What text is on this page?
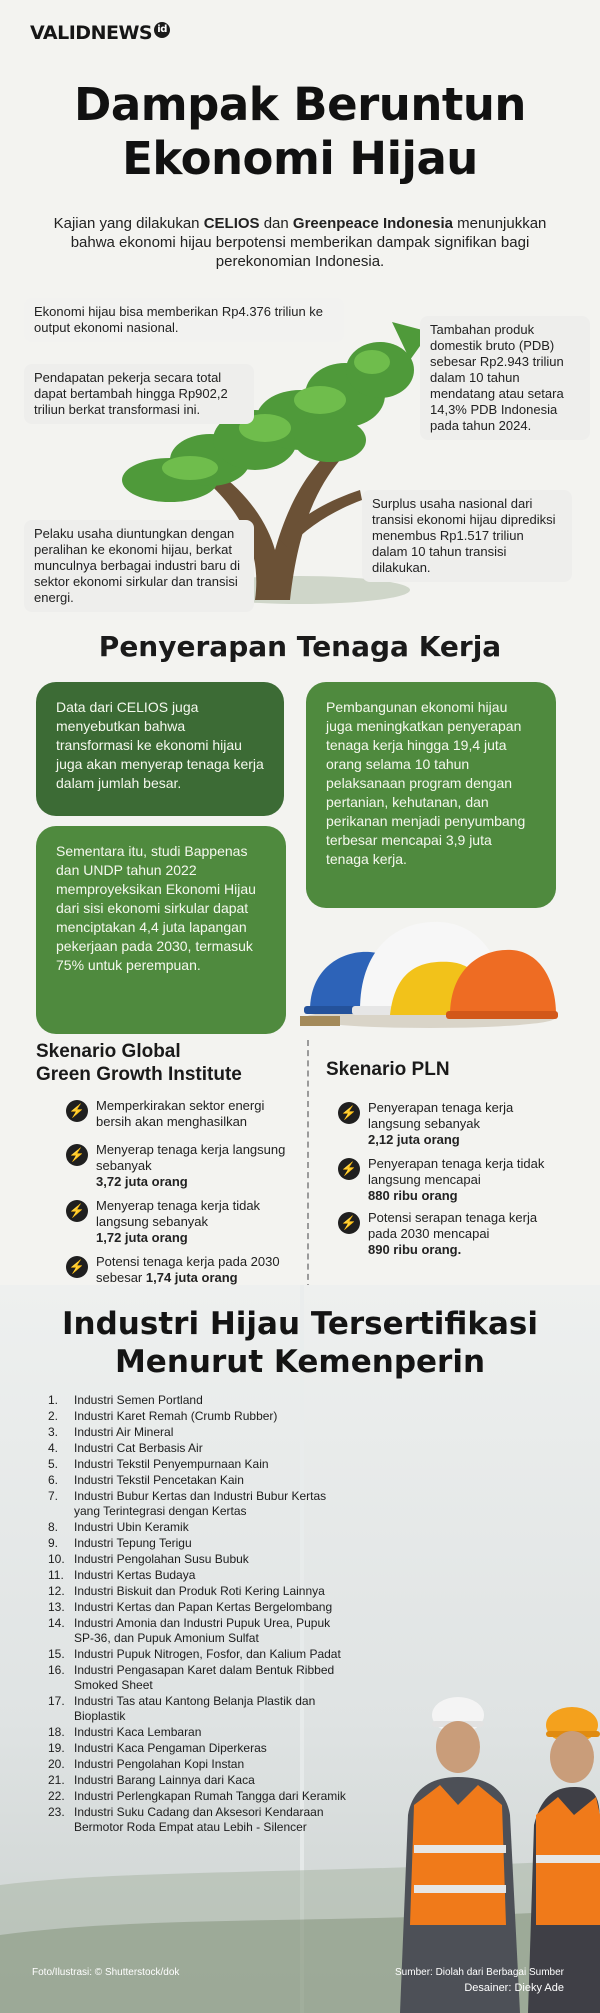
VALIDNEWS id
Dampak Beruntun
Ekonomi Hijau
Kajian yang dilakukan CELIOS dan Greenpeace Indonesia menunjukkan bahwa ekonomi hijau berpotensi memberikan dampak signifikan bagi perekonomian Indonesia.
Ekonomi hijau bisa memberikan Rp4.376 triliun ke output ekonomi nasional.
Pendapatan pekerja secara total dapat bertambah hingga Rp902,2 triliun berkat transformasi ini.
Pelaku usaha diuntungkan dengan peralihan ke ekonomi hijau, berkat munculnya berbagai industri baru di sektor ekonomi sirkular dan transisi energi.
Tambahan produk domestik bruto (PDB) sebesar Rp2.943 triliun dalam 10 tahun mendatang atau setara 14,3% PDB Indonesia pada tahun 2024.
Surplus usaha nasional dari transisi ekonomi hijau diprediksi menembus Rp1.517 triliun dalam 10 tahun transisi dilakukan.
Penyerapan Tenaga Kerja
Data dari CELIOS juga menyebutkan bahwa transformasi ke ekonomi hijau juga akan menyerap tenaga kerja dalam jumlah besar.
Pembangunan ekonomi hijau juga meningkatkan penyerapan tenaga kerja hingga 19,4 juta orang selama 10 tahun pelaksanaan program dengan pertanian, kehutanan, dan perikanan menjadi penyumbang terbesar mencapai 3,9 juta tenaga kerja.
Sementara itu, studi Bappenas dan UNDP tahun 2022 memproyeksikan Ekonomi Hijau dari sisi ekonomi sirkular dapat menciptakan 4,4 juta lapangan pekerjaan pada 2030, termasuk 75% untuk perempuan.
Skenario Global
Green Growth Institute
⚡ Memperkirakan sektor energi bersih akan menghasilkan
⚡ Menyerap tenaga kerja langsung sebanyak
3,72 juta orang
⚡ Menyerap tenaga kerja tidak langsung sebanyak
1,72 juta orang
⚡ Potensi tenaga kerja pada 2030 sebesar 1,74 juta orang
Skenario PLN
⚡ Penyerapan tenaga kerja langsung sebanyak
2,12 juta orang
⚡ Penyerapan tenaga kerja tidak langsung mencapai
880 ribu orang
⚡ Potensi serapan tenaga kerja pada 2030 mencapai
890 ribu orang.
Industri Hijau Tersertifikasi
Menurut Kemenperin
1. Industri Semen Portland
2. Industri Karet Remah (Crumb Rubber)
3. Industri Air Mineral
4. Industri Cat Berbasis Air
5. Industri Tekstil Penyempurnaan Kain
6. Industri Tekstil Pencetakan Kain
7. Industri Bubur Kertas dan Industri Bubur Kertas yang Terintegrasi dengan Kertas
8. Industri Ubin Keramik
9. Industri Tepung Terigu
10. Industri Pengolahan Susu Bubuk
11. Industri Kertas Budaya
12. Industri Biskuit dan Produk Roti Kering Lainnya
13. Industri Kertas dan Papan Kertas Bergelombang
14. Industri Amonia dan Industri Pupuk Urea, Pupuk SP-36, dan Pupuk Amonium Sulfat
15. Industri Pupuk Nitrogen, Fosfor, dan Kalium Padat
16. Industri Pengasapan Karet dalam Bentuk Ribbed Smoked Sheet
17. Industri Tas atau Kantong Belanja Plastik dan Bioplastik
18. Industri Kaca Lembaran
19. Industri Kaca Pengaman Diperkeras
20. Industri Pengolahan Kopi Instan
21. Industri Barang Lainnya dari Kaca
22. Industri Perlengkapan Rumah Tangga dari Keramik
23. Industri Suku Cadang dan Aksesori Kendaraan Bermotor Roda Empat atau Lebih - Silencer
Foto/Ilustrasi: © Shutterstock/dok	Sumber: Diolah dari Berbagai Sumber
Desainer: Dieky Ade
